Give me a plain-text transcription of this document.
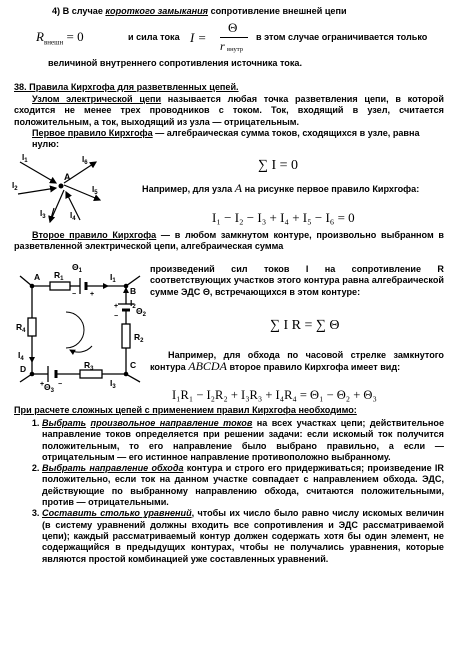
4) В случае короткого замыкания сопротивление внешней цепи
$R_{внешн} = 0$	и сила тока I =
Θ
r внутр
в этом случае ограничивается только
величиной внутреннего сопротивления источника тока.
38. Правила Кирхгофа для разветвленных цепей.
Узлом электрической цепи называется любая точка разветвления цепи, в которой сходится не менее трех проводников с током. Ток, входящий в узел, считается положительным, а ток, выходящий из узла — отрицательным.
Первое правило Кирхгофа — алгебраическая сумма токов, сходящихся в узле, равна нулю:
A
$I_1$
$I_2$
$I_3$	$I_4$
$I_5$
$I_6$	∑ I = 0
Например, для узла A на рисунке первое правило Кирхгофа:
I₁ − I₂ − I₃ + I₄ + I₅ − I₆ = 0
Второе правило Кирхгофа — в любом замкнутом контуре, произвольно выбранном в разветвленной электрической цепи, алгебраическая сумма
A
B
C
D
$R_1$
$R_2$
$R_3$
$R_4$
$I_1$
$I_2$
$I_3$
$I_4$
$\Theta_1$
$\Theta_2$
$\Theta_3$
− +
+
−
+ −
произведений сил токов I на сопротивление R соответствующих участков этого контура равна алгебраической сумме ЭДС Θ, встречающихся в этом контуре:
∑ I R = ∑ Θ
Например, для обхода по часовой стрелке замкнутого контура ABCDA второе правило Кирхгофа имеет вид:
I₁R₁ − I₂R₂ + I₃R₃ + I₄R₄ = Θ₁ − Θ₂ + Θ₃
При расчете сложных цепей с применением правил Кирхгофа необходимо:
1. Выбрать произвольное направление токов на всех участках цепи; действительное направление токов определяется при решении задачи: если искомый ток получится положительным, то его направление было выбрано правильно, а если — отрицательным — его истинное направление противоположно выбранному.
2. Выбрать направление обхода контура и строго его придерживаться; произведение IR положительно, если ток на данном участке совпадает с направлением обхода. ЭДС, действующие по выбранному направлению обхода, считаются положительными, против — отрицательными.
3. Составить столько уравнений, чтобы их число было равно числу искомых величин (в систему уравнений должны входить все сопротивления и ЭДС рассматриваемой цепи); каждый рассматриваемый контур должен содержать хотя бы один элемент, не содержащийся в предыдущих контурах, чтобы не получались уравнения, которые являются простой комбинацией уже составленных уравнений.
